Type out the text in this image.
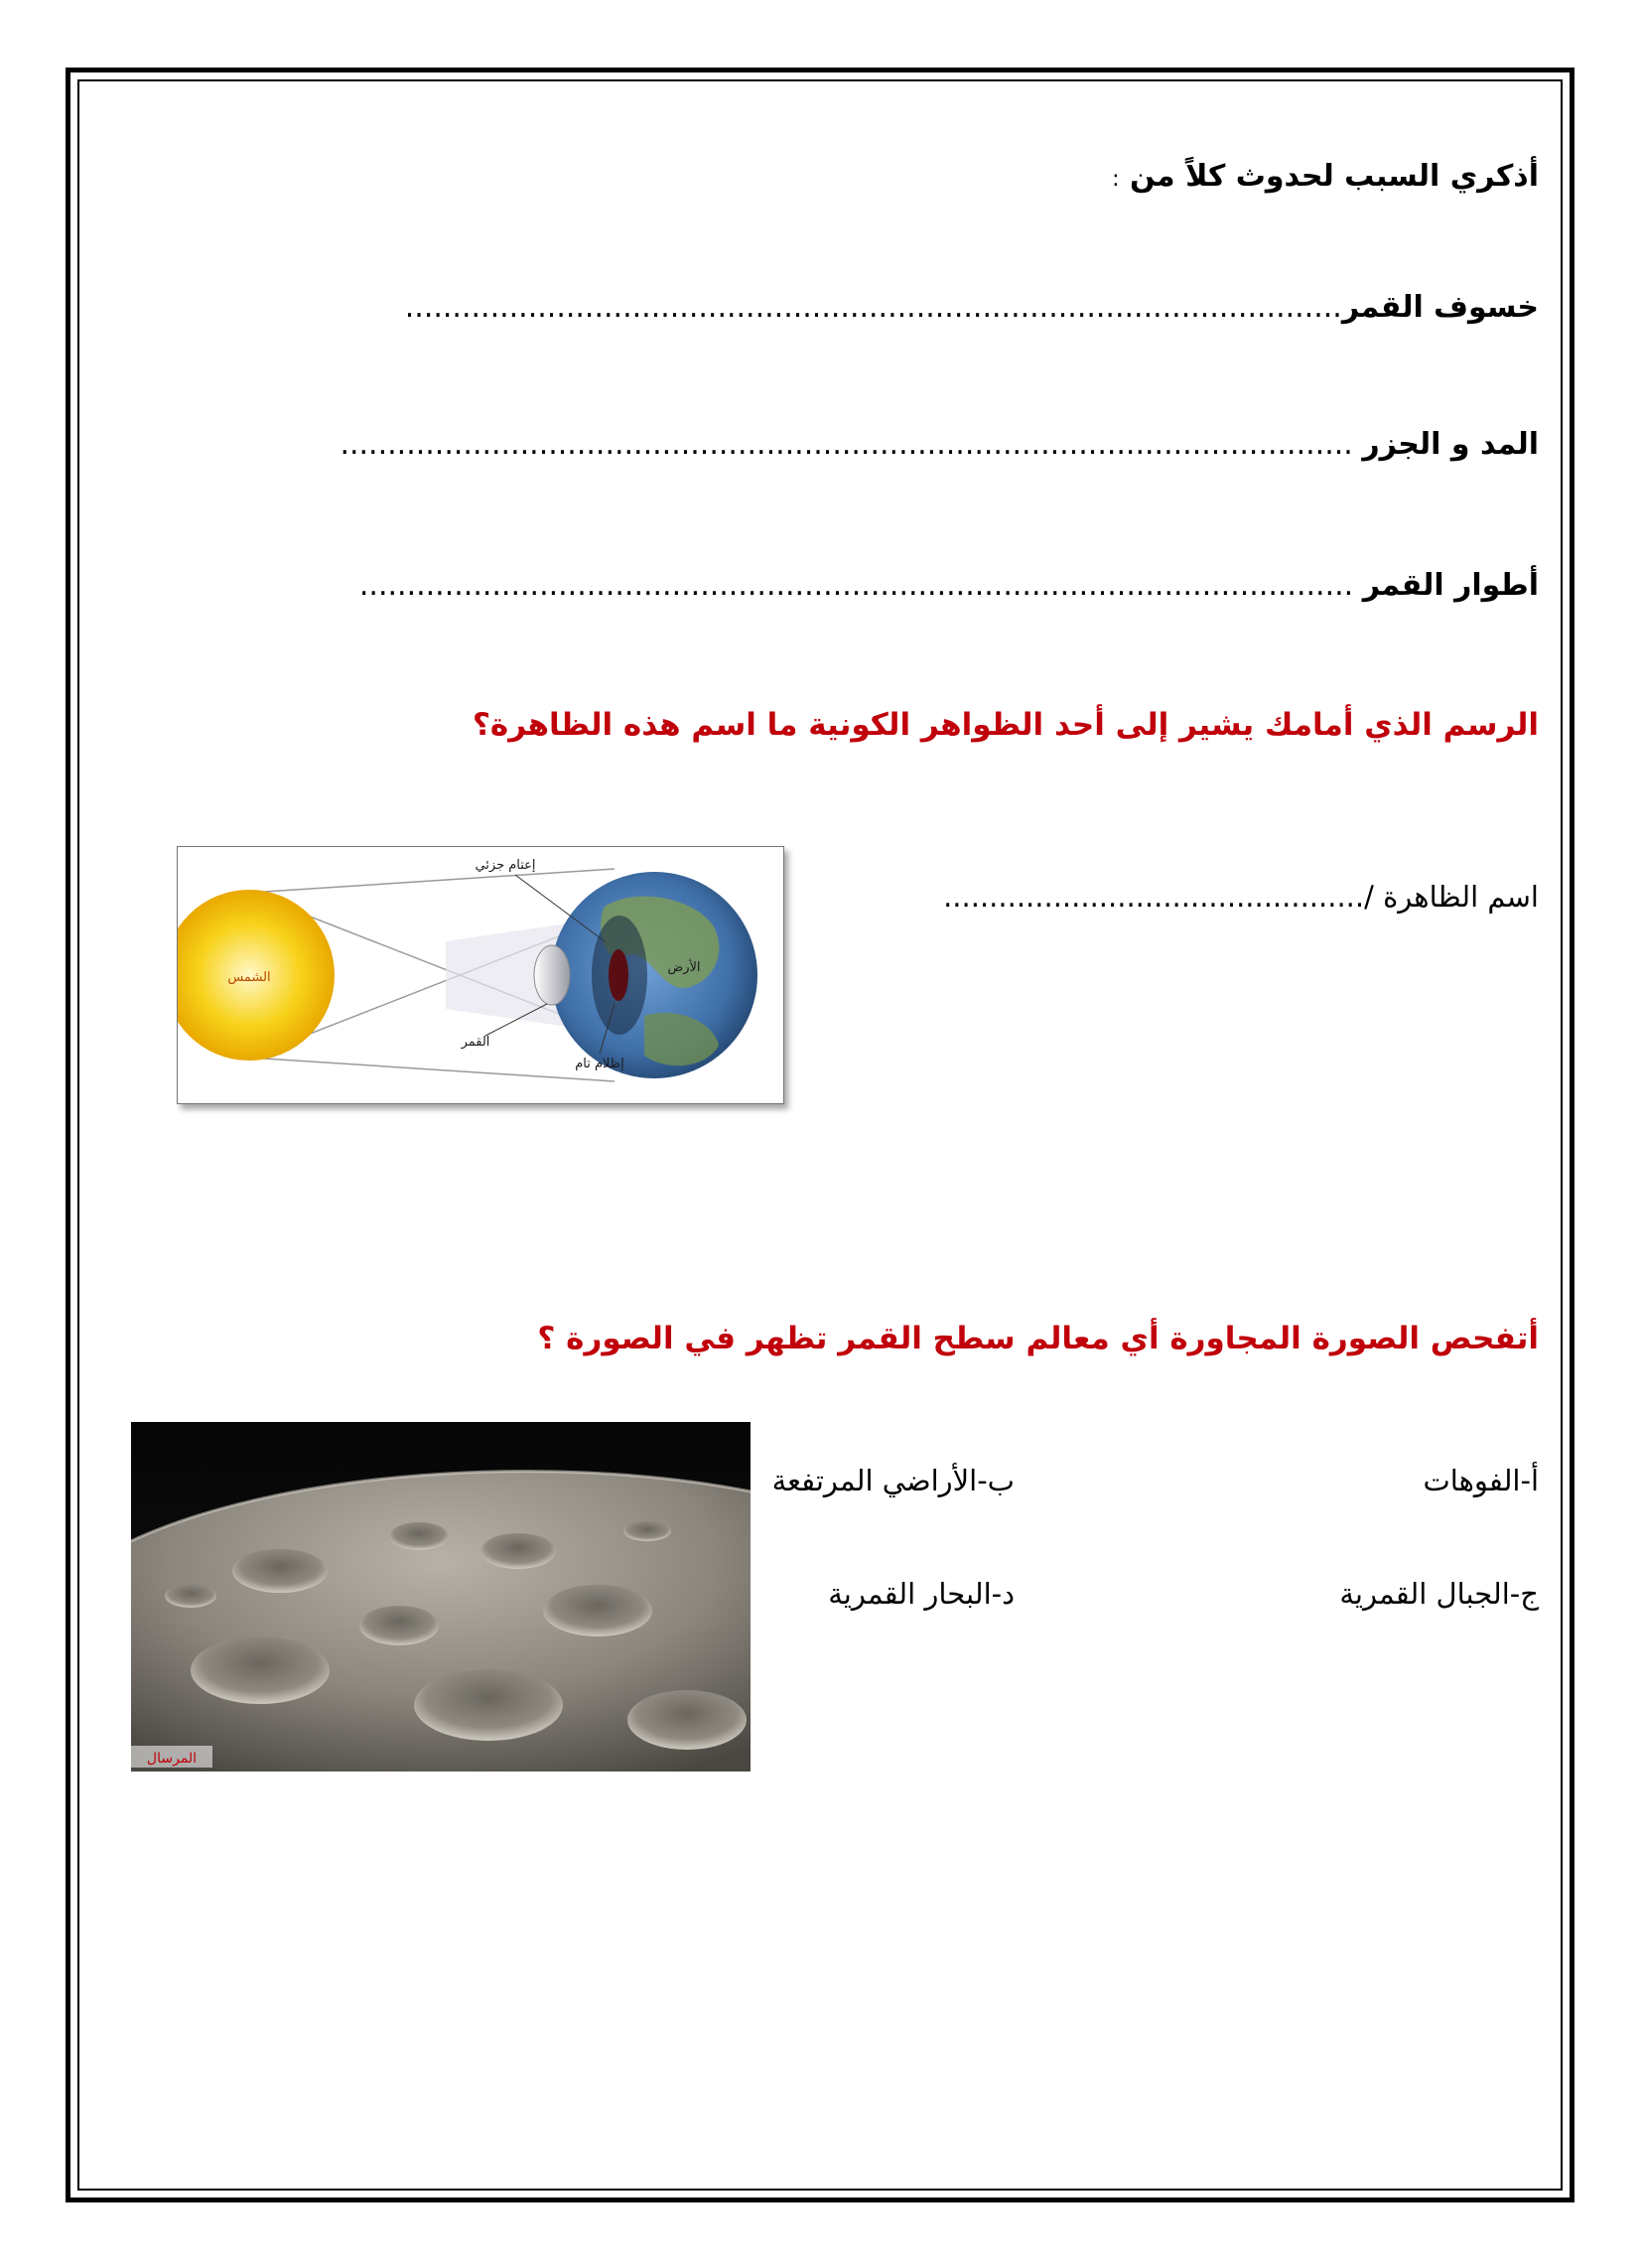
أذكري السبب لحدوث كلاً من :
خسوف القمر...................................................................................................
المد و الجزر ...........................................................................................................
أطوار القمر .........................................................................................................
الرسم الذي أمامك يشير إلى أحد الظواهر الكونية ما اسم هذه الظاهرة؟
اسم الظاهرة /..............................................
الشمس
الأرض
إعتام جزئي
القمر
إظلام تام
أتفحص الصورة المجاورة أي معالم سطح القمر تظهر في الصورة ؟
أ-الفوهات
ب-الأراضي المرتفعة
ج-الجبال القمرية
د-البحار القمرية
المرسال
